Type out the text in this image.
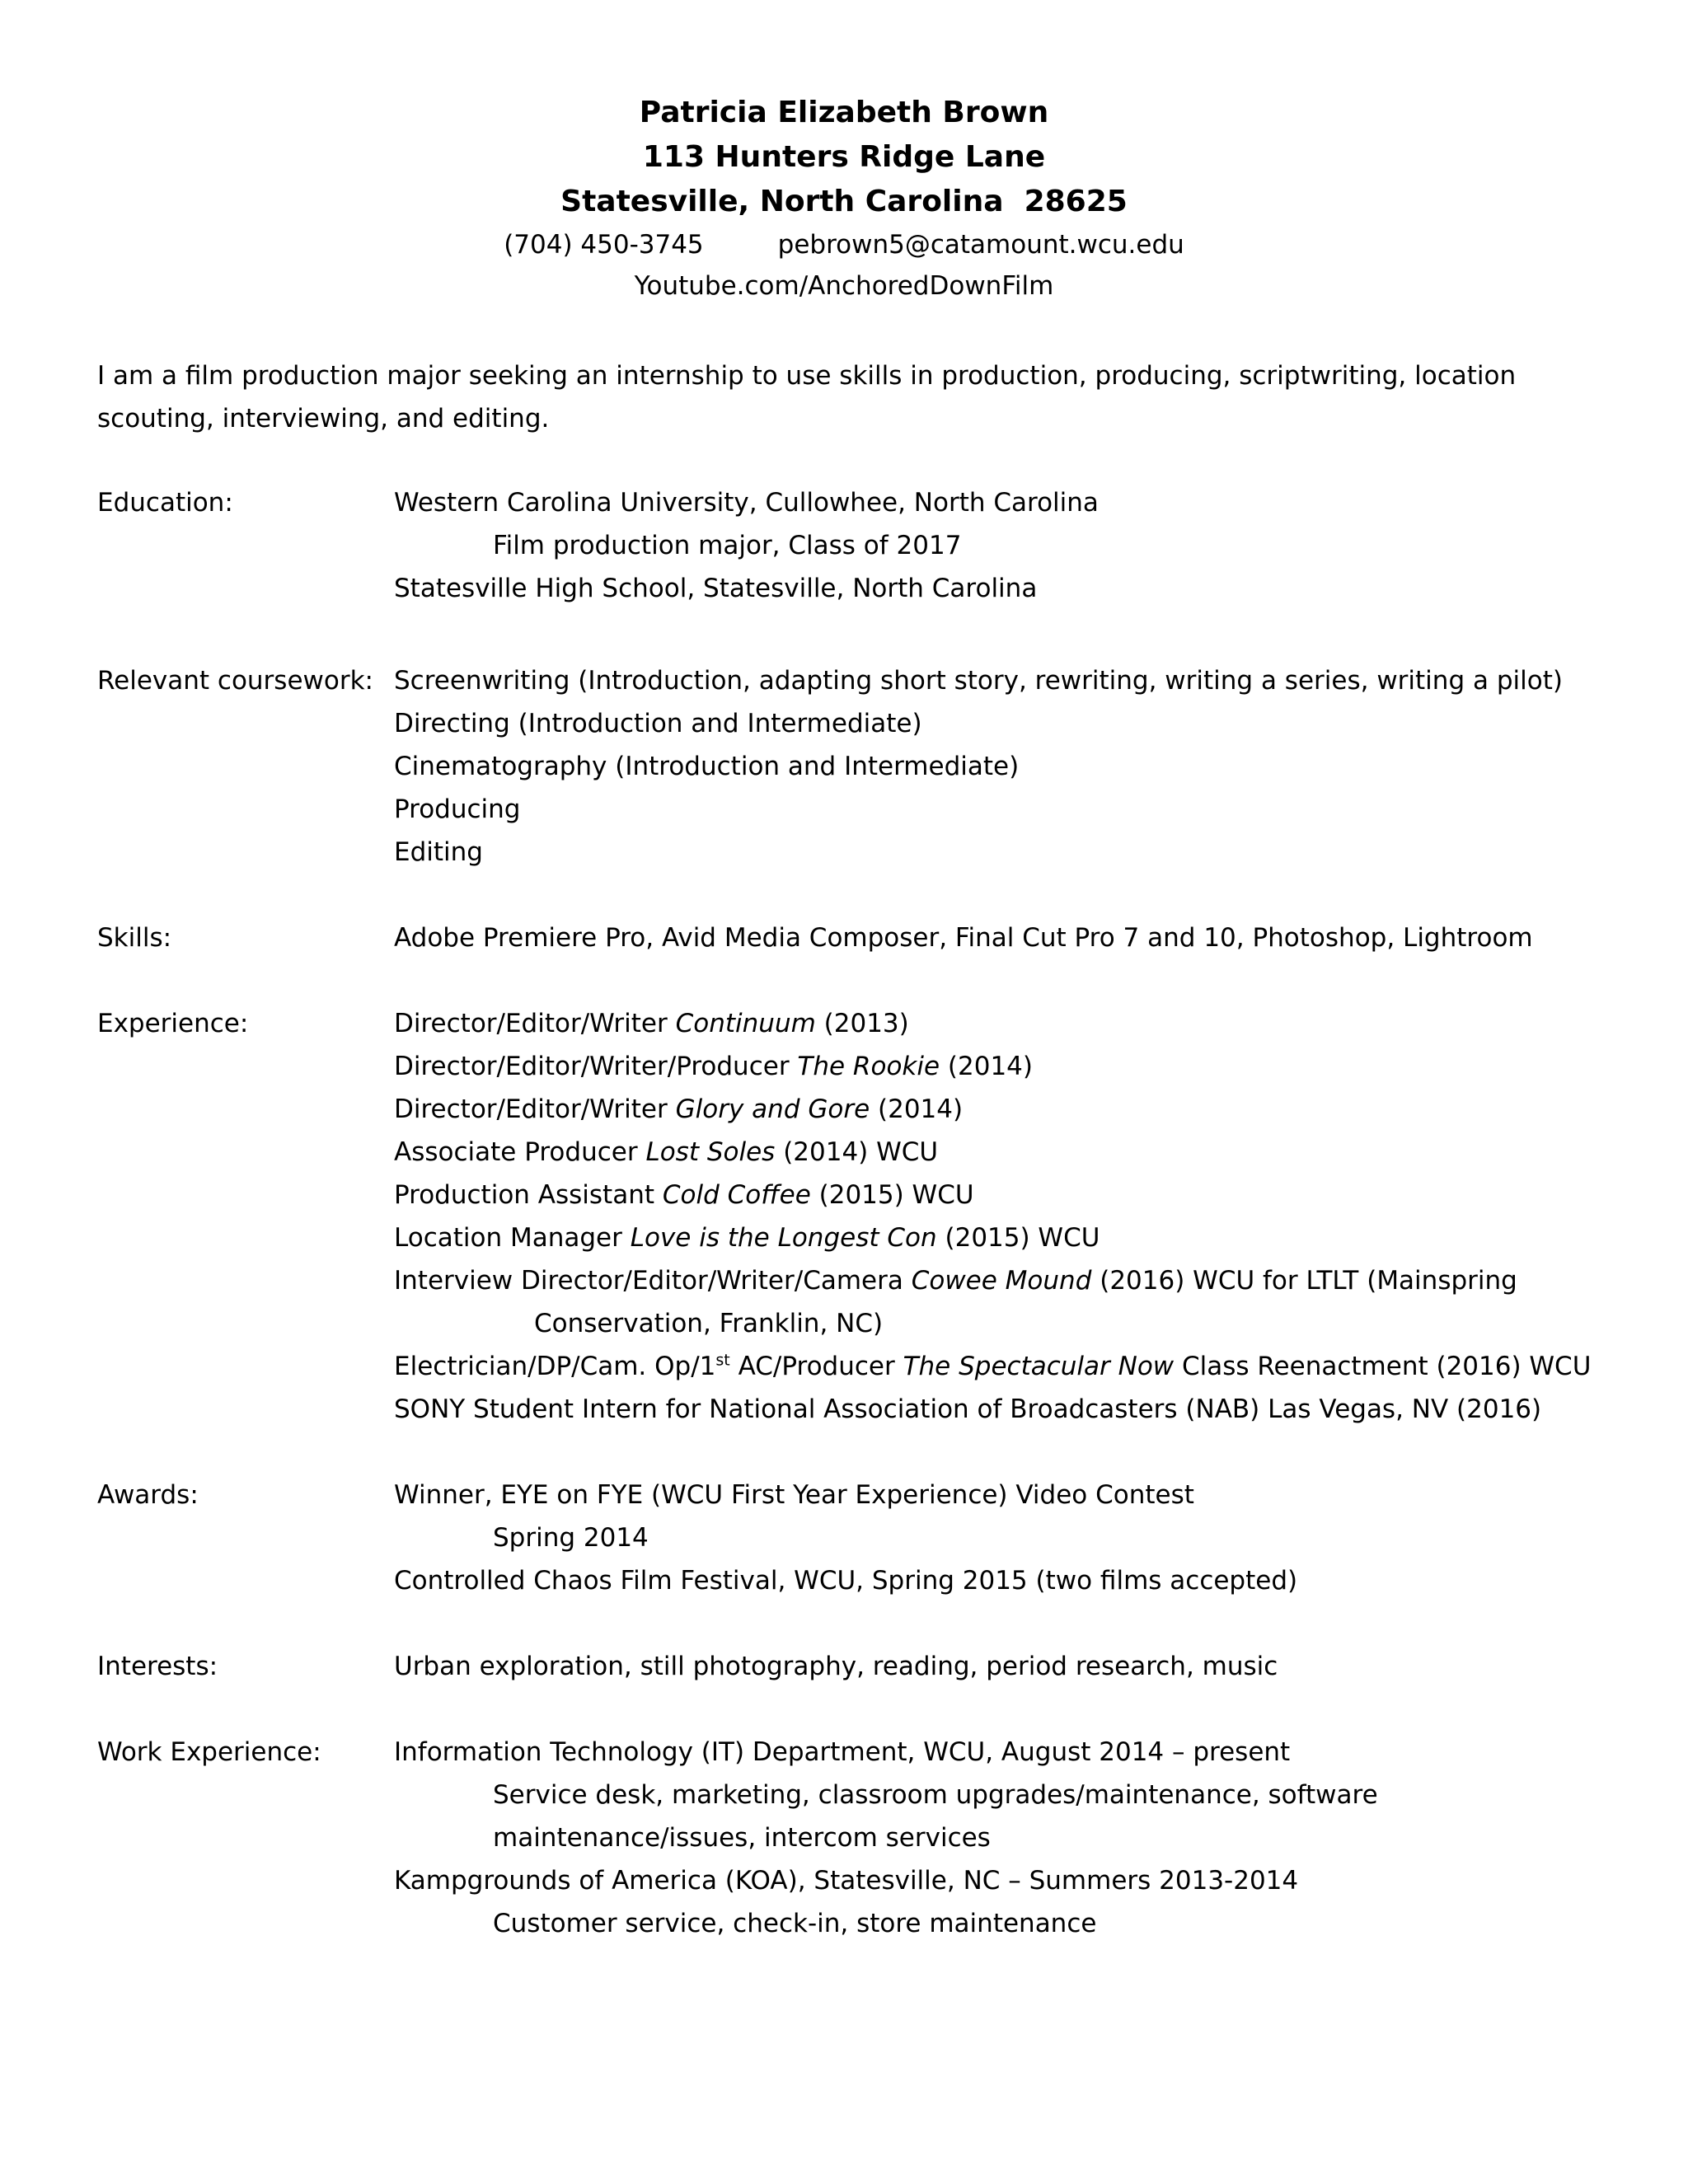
Patricia Elizabeth Brown
113 Hunters Ridge Lane
Statesville, North Carolina  28625
(704) 450-3745	pebrown5@catamount.wcu.edu
Youtube.com/AnchoredDownFilm
I am a film production major seeking an internship to use skills in production, producing, scriptwriting, location scouting, interviewing, and editing.
Education:	Western Carolina University, Cullowhee, North Carolina
Film production major, Class of 2017
Statesville High School, Statesville, North Carolina
Relevant coursework: Screenwriting (Introduction, adapting short story, rewriting, writing a series, writing a pilot)
Directing (Introduction and Intermediate)
Cinematography (Introduction and Intermediate)
Producing
Editing
Skills:	Adobe Premiere Pro, Avid Media Composer, Final Cut Pro 7 and 10, Photoshop, Lightroom
Experience:	Director/Editor/Writer Continuum (2013)
Director/Editor/Writer/Producer The Rookie (2014)
Director/Editor/Writer Glory and Gore (2014)
Associate Producer Lost Soles (2014) WCU
Production Assistant Cold Coffee (2015) WCU
Location Manager Love is the Longest Con (2015) WCU
Interview Director/Editor/Writer/Camera Cowee Mound (2016) WCU for LTLT (Mainspring
Conservation, Franklin, NC)
Electrician/DP/Cam. Op/1st AC/Producer The Spectacular Now Class Reenactment (2016) WCU
SONY Student Intern for National Association of Broadcasters (NAB) Las Vegas, NV (2016)
Awards:	Winner, EYE on FYE (WCU First Year Experience) Video Contest
Spring 2014
Controlled Chaos Film Festival, WCU, Spring 2015 (two films accepted)
Interests:	Urban exploration, still photography, reading, period research, music
Work Experience:	Information Technology (IT) Department, WCU, August 2014 – present
Service desk, marketing, classroom upgrades/maintenance, software
maintenance/issues, intercom services
Kampgrounds of America (KOA), Statesville, NC – Summers 2013-2014
Customer service, check-in, store maintenance
